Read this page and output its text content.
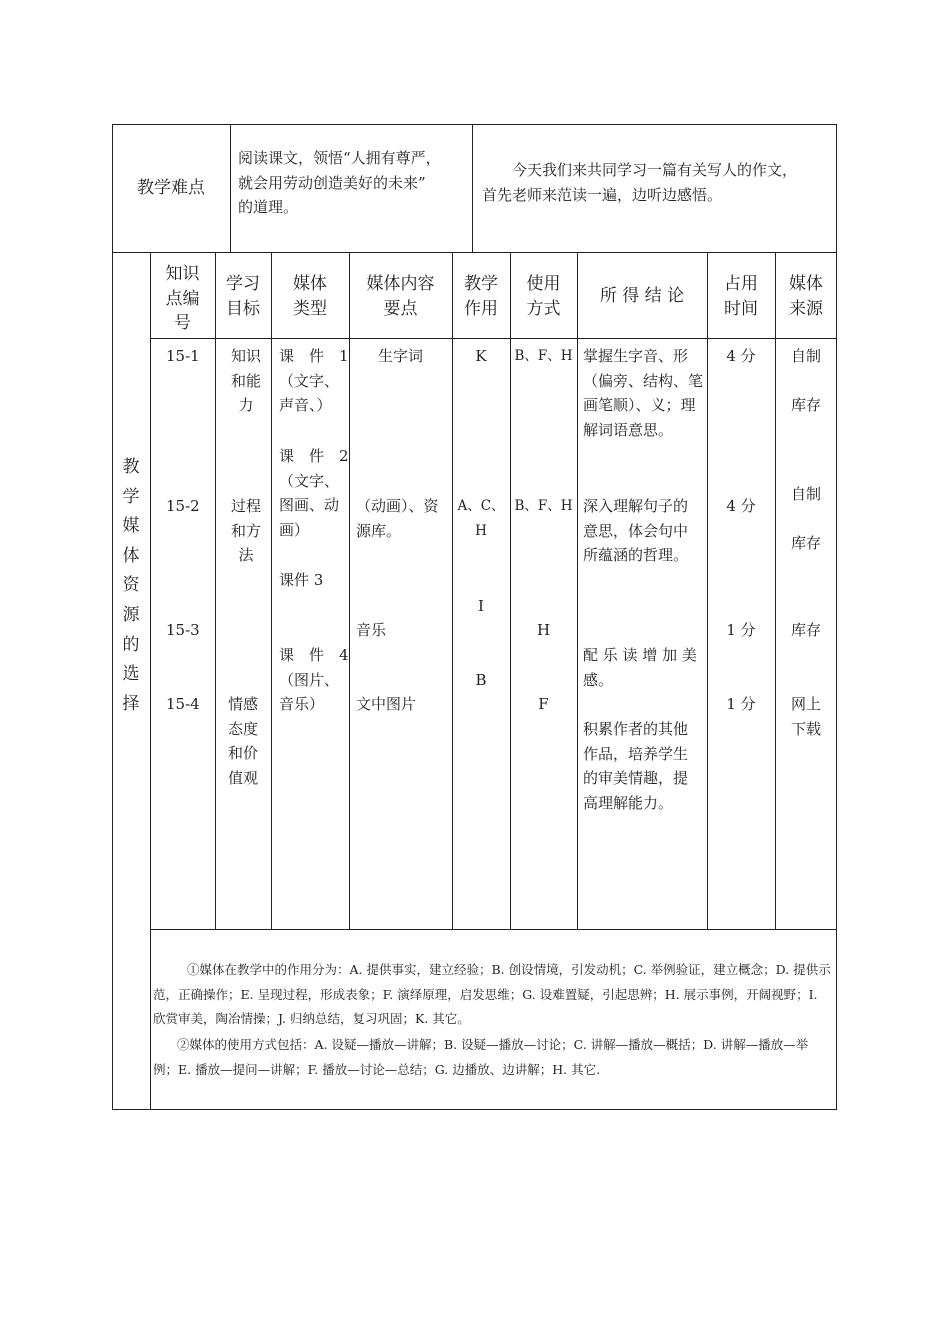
教学难点
阅读课文，领悟“人拥有尊严，
就会用劳动创造美好的未来”
的道理。
　　今天我们来共同学习一篇有关写人的作文，
首先老师来范读一遍，边听边感悟。
教

学

媒

体

资

源

的

选

择
知识
点编
号
学习
目标
媒体
类型
媒体内容
要点
教学
作用
使用
方式
所 得 结 论
占用
时间
媒体
来源
15-1
15-2
15-3
15-4
知识
和能
力
过程
和方
法
情感
态度
和价
值观
课　件　1
（文字、
声音、）
课　件　2
（文字、
图画、动
画）
课件 3
课　件　4
（图片、
音乐）
生字词
（动画）、资
源库。
音乐
文中图片
K
A、C、H
I
B
B、F、H
B、F、H
H
F
掌握生字音、形
（偏旁、结构、笔
画笔顺）、义；理
解词语意思。
深入理解句子的
意思，体会句中
所蕴涵的哲理。
配 乐 读 增 加 美
感。
积累作者的其他
作品，培养学生
的审美情趣，提
高理解能力。
4 分
4 分
1 分
1 分
自制

库存
自制

库存
库存
网上
下载
①媒体在教学中的作用分为：A. 提供事实，建立经验；B. 创设情境，引发动机；C. 举例验证，建立概念；D. 提供示范，正确操作；E. 呈现过程，形成表象；F. 演绎原理，启发思维；G. 设难置疑，引起思辨；H. 展示事例，开阔视野；I. 欣赏审美，陶冶情操；J. 归纳总结，复习巩固；K. 其它。
②媒体的使用方式包括：A. 设疑—播放—讲解；B. 设疑—播放—讨论；C. 讲解—播放—概括；D. 讲解—播放—举例；E. 播放—提问—讲解；F. 播放—讨论—总结；G. 边播放、边讲解；H. 其它.
